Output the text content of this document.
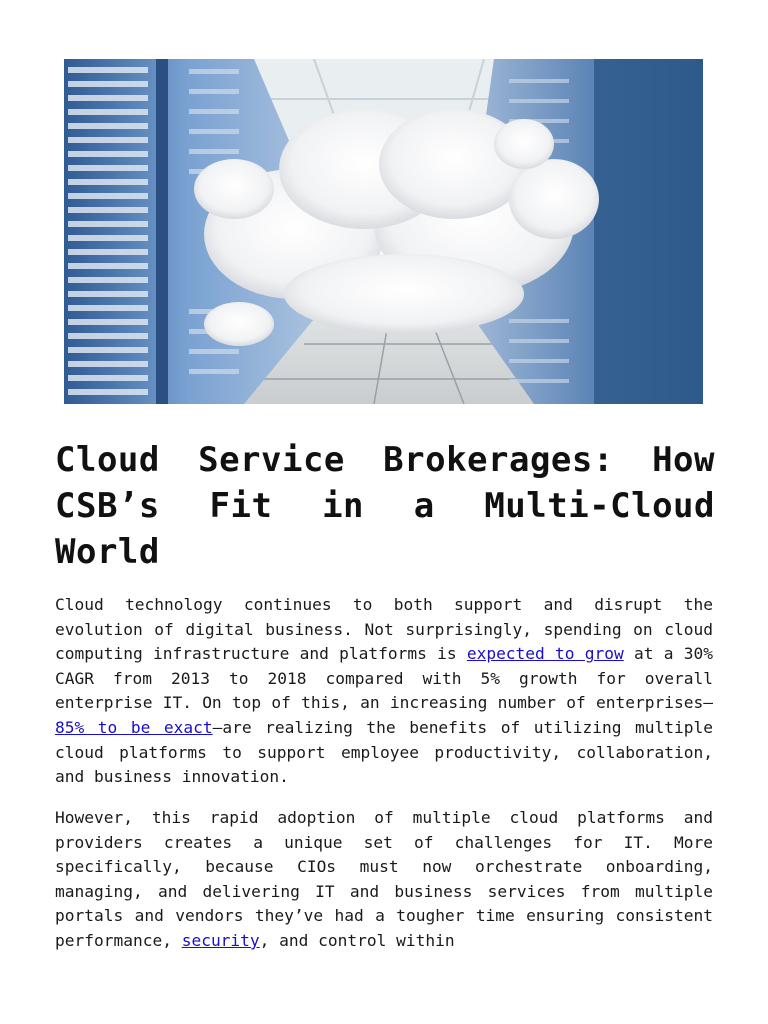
Cloud Service Brokerages: How CSB’s Fit in a Multi-Cloud World

Cloud technology continues to both support and disrupt the evolution of digital business. Not surprisingly, spending on cloud computing infrastructure and platforms is expected to grow at a 30% CAGR from 2013 to 2018 compared with 5% growth for overall enterprise IT. On top of this, an increasing number of enterprises—85% to be exact—are realizing the benefits of utilizing multiple cloud platforms to support employee productivity, collaboration, and business innovation.

However, this rapid adoption of multiple cloud platforms and providers creates a unique set of challenges for IT. More specifically, because CIOs must now orchestrate onboarding, managing, and delivering IT and business services from multiple portals and vendors they’ve had a tougher time ensuring consistent performance, security, and control within
